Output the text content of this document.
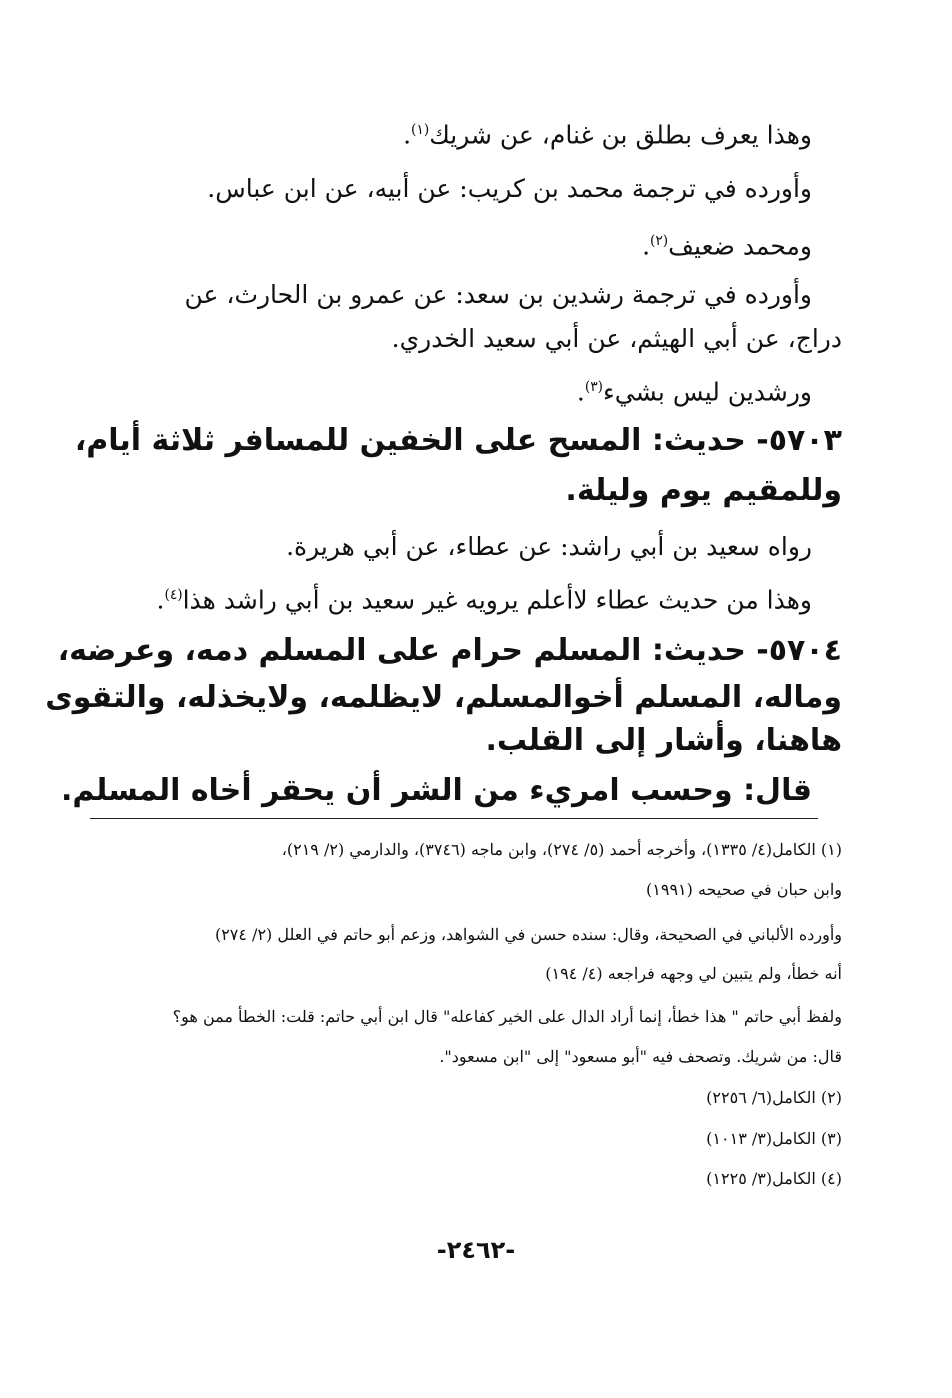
وهذا يعرف بطلق بن غنام، عن شريك$^{(١)}$.

وأورده في ترجمة محمد بن كريب: عن أبيه، عن ابن عباس.

ومحمد ضعيف$^{(٢)}$.

وأورده في ترجمة رشدين بن سعد: عن عمرو بن الحارث، عن

دراج، عن أبي الهيثم، عن أبي سعيد الخدري.

ورشدين ليس بشيء$^{(٣)}$.

٥٧٠٣- حديث: المسح على الخفين للمسافر ثلاثة أيام،

وللمقيم يوم وليلة.

رواه سعيد بن أبي راشد: عن عطاء، عن أبي هريرة.

وهذا من حديث عطاء لاأعلم يرويه غير سعيد بن أبي راشد هذا$^{(٤)}$.

٥٧٠٤- حديث: المسلم حرام على المسلم دمه، وعرضه،

وماله، المسلم أخوالمسلم، لايظلمه، ولايخذله، والتقوى

هاهنا، وأشار إلى القلب.

قال: وحسب امريء من الشر أن يحقر أخاه المسلم.

(١) الكامل(٤/ ١٣٣٥)، وأخرجه أحمد (٥/ ٢٧٤)، وابن ماجه (٣٧٤٦)، والدارمي (٢/ ٢١٩)،

وابن حبان في صحيحه (١٩٩١)

وأورده الألباني في الصحيحة، وقال: سنده حسن في الشواهد، وزعم أبو حاتم في العلل (٢/ ٢٧٤)

أنه خطأ، ولم يتبين لي وجهه فراجعه (٤/ ١٩٤)

ولفظ أبي حاتم " هذا خطأ، إنما أراد الدال على الخير كفاعله" قال ابن أبي حاتم: قلت: الخطأ ممن هو؟

قال: من شريك. وتصحف فيه "أبو مسعود" إلى "ابن مسعود".

(٢) الكامل(٦/ ٢٢٥٦)

(٣) الكامل(٣/ ١٠١٣)

(٤) الكامل(٣/ ١٢٢٥)

-٢٤٦٢-
